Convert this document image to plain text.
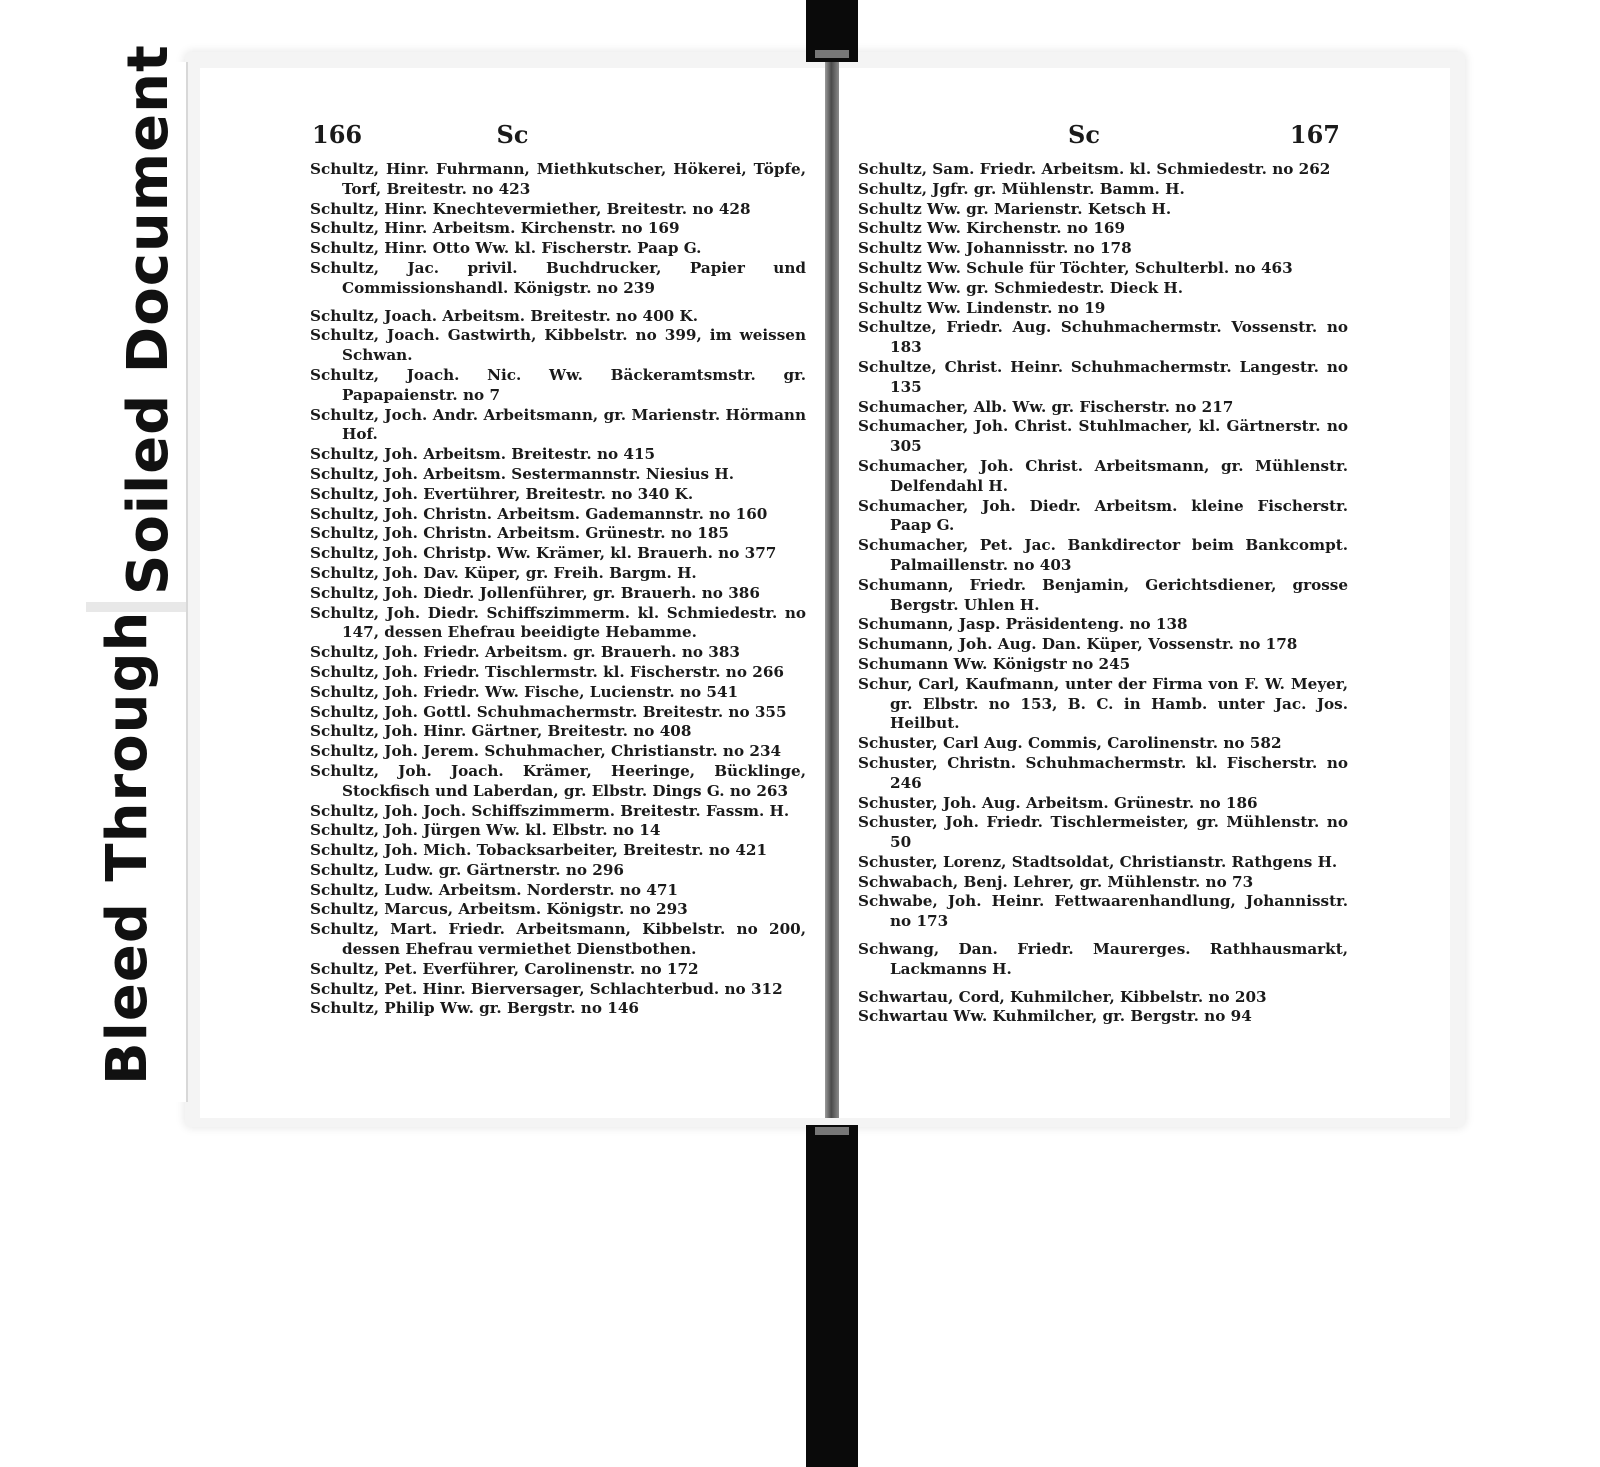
Soiled Document
Bleed Through
166	Sc

Schultz, Hinr. Fuhrmann, Miethkutscher, Hökerei, Töpfe, Torf, Breitestr. no 423

Schultz, Hinr. Knechtevermiether, Breitestr. no 428

Schultz, Hinr. Arbeitsm. Kirchenstr. no 169

Schultz, Hinr. Otto Ww. kl. Fischerstr. Paap G.

Schultz, Jac. privil. Buchdrucker, Papier und Commissionshandl. Königstr. no 239

Schultz, Joach. Arbeitsm. Breitestr. no 400 K.

Schultz, Joach. Gastwirth, Kibbelstr. no 399, im weissen Schwan.

Schultz, Joach. Nic. Ww. Bäckeramtsmstr. gr. Papapaienstr. no 7

Schultz, Joch. Andr. Arbeitsmann, gr. Marienstr. Hörmann Hof.

Schultz, Joh. Arbeitsm. Breitestr. no 415

Schultz, Joh. Arbeitsm. Sestermannstr. Niesius H.

Schultz, Joh. Evertührer, Breitestr. no 340 K.

Schultz, Joh. Christn. Arbeitsm. Gademannstr. no 160

Schultz, Joh. Christn. Arbeitsm. Grünestr. no 185

Schultz, Joh. Christp. Ww. Krämer, kl. Brauerh. no 377

Schultz, Joh. Dav. Küper, gr. Freih. Bargm. H.

Schultz, Joh. Diedr. Jollenführer, gr. Brauerh. no 386

Schultz, Joh. Diedr. Schiffszimmerm. kl. Schmiedestr. no 147, dessen Ehefrau beeidigte Hebamme.

Schultz, Joh. Friedr. Arbeitsm. gr. Brauerh. no 383

Schultz, Joh. Friedr. Tischlermstr. kl. Fischerstr. no 266

Schultz, Joh. Friedr. Ww. Fische, Lucienstr. no 541

Schultz, Joh. Gottl. Schuhmachermstr. Breitestr. no 355

Schultz, Joh. Hinr. Gärtner, Breitestr. no 408

Schultz, Joh. Jerem. Schuhmacher, Christianstr. no 234

Schultz, Joh. Joach. Krämer, Heeringe, Bücklinge, Stockfisch und Laberdan, gr. Elbstr. Dings G. no 263

Schultz, Joh. Joch. Schiffszimmerm. Breitestr. Fassm. H.

Schultz, Joh. Jürgen Ww. kl. Elbstr. no 14

Schultz, Joh. Mich. Tobacksarbeiter, Breitestr. no 421

Schultz, Ludw. gr. Gärtnerstr. no 296

Schultz, Ludw. Arbeitsm. Norderstr. no 471

Schultz, Marcus, Arbeitsm. Königstr. no 293

Schultz, Mart. Friedr. Arbeitsmann, Kibbelstr. no 200, dessen Ehefrau vermiethet Dienstbothen.

Schultz, Pet. Everführer, Carolinenstr. no 172

Schultz, Pet. Hinr. Bierversager, Schlachterbud. no 312

Schultz, Philip Ww. gr. Bergstr. no 146

Sc	167

Schultz, Sam. Friedr. Arbeitsm. kl. Schmiedestr. no 262

Schultz, Jgfr. gr. Mühlenstr. Bamm. H.

Schultz Ww. gr. Marienstr. Ketsch H.

Schultz Ww. Kirchenstr. no 169

Schultz Ww. Johannisstr. no 178

Schultz Ww. Schule für Töchter, Schulterbl. no 463

Schultz Ww. gr. Schmiedestr. Dieck H.

Schultz Ww. Lindenstr. no 19

Schultze, Friedr. Aug. Schuhmachermstr. Vossenstr. no 183

Schultze, Christ. Heinr. Schuhmachermstr. Langestr. no 135

Schumacher, Alb. Ww. gr. Fischerstr. no 217

Schumacher, Joh. Christ. Stuhlmacher, kl. Gärtnerstr. no 305

Schumacher, Joh. Christ. Arbeitsmann, gr. Mühlenstr. Delfendahl H.

Schumacher, Joh. Diedr. Arbeitsm. kleine Fischerstr. Paap G.

Schumacher, Pet. Jac. Bankdirector beim Bankcompt. Palmaillenstr. no 403

Schumann, Friedr. Benjamin, Gerichtsdiener, grosse Bergstr. Uhlen H.

Schumann, Jasp. Präsidenteng. no 138

Schumann, Joh. Aug. Dan. Küper, Vossenstr. no 178

Schumann Ww. Königstr no 245

Schur, Carl, Kaufmann, unter der Firma von F. W. Meyer, gr. Elbstr. no 153, B. C. in Hamb. unter Jac. Jos. Heilbut.

Schuster, Carl Aug. Commis, Carolinenstr. no 582

Schuster, Christn. Schuhmachermstr. kl. Fischerstr. no 246

Schuster, Joh. Aug. Arbeitsm. Grünestr. no 186

Schuster, Joh. Friedr. Tischlermeister, gr. Mühlenstr. no 50

Schuster, Lorenz, Stadtsoldat, Christianstr. Rathgens H.

Schwabach, Benj. Lehrer, gr. Mühlenstr. no 73

Schwabe, Joh. Heinr. Fettwaarenhandlung, Johannisstr. no 173

Schwang, Dan. Friedr. Maurerges. Rathhausmarkt, Lackmanns H.

Schwartau, Cord, Kuhmilcher, Kibbelstr. no 203

Schwartau Ww. Kuhmilcher, gr. Bergstr. no 94
